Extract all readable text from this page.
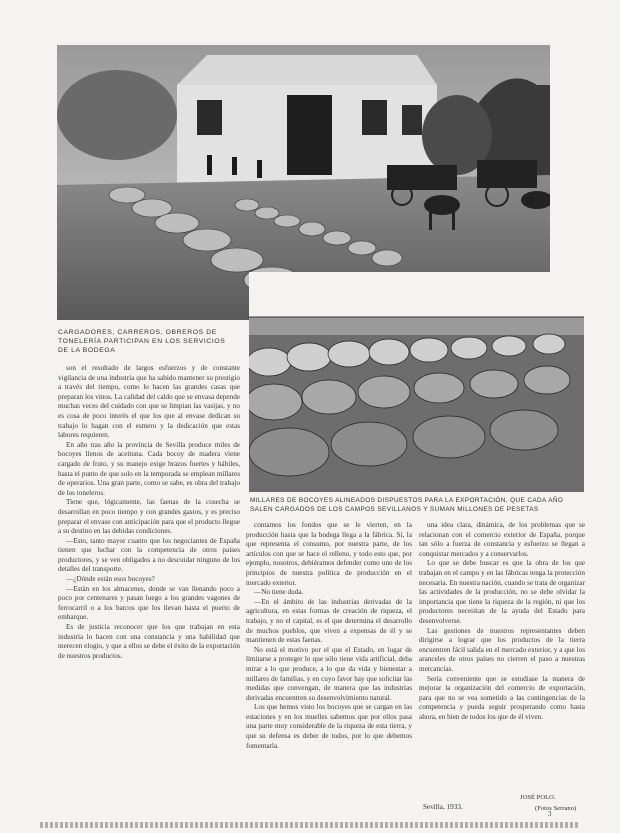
CARGADORES, CARREROS, OBREROS DE TONELERÍA PARTICIPAN EN LOS SERVICIOS DE LA BODEGA
MILLARES DE BOCOYES ALINEADOS DISPUESTOS PARA LA EXPORTACIÓN, QUE CADA AÑO SALEN CARGADOS DE LOS CAMPOS SEVILLANOS Y SUMAN MILLONES DE PESETAS

son el resultado de largos esfuerzos y de constante vigilancia de una industria que ha sabido mantener su prestigio a través del tiempo, como lo hacen las grandes casas que preparan los vinos. La calidad del caldo que se envasa depende muchas veces del cuidado con que se limpian las vasijas, y no es cosa de poco interés el que los que al envase dedican su trabajo lo hagan con el esmero y la dedicación que estas labores requieren.

En año tras año la provincia de Sevilla produce miles de bocoyes llenos de aceituna. Cada bocoy de madera viene cargado de fruto, y su manejo exige brazos fuertes y hábiles, hasta el punto de que solo en la temporada se emplean millares de operarios. Una gran parte, como se sabe, es obra del trabajo de los toneleros.

Tiene que, lógicamente, las faenas de la cosecha se desarrollan en poco tiempo y con grandes gastos, y es preciso preparar el envase con anticipación para que el producto llegue a su destino en las debidas condiciones.

—Esto, tanto mayor cuanto que los negociantes de España tienen que luchar con la competencia de otros países productores, y se ven obligados a no descuidar ninguno de los detalles del transporte.

—¿Dónde están esos bocoyes?

—Están en los almacenes, donde se van llenando poco a poco por centenares y pasan luego a los grandes vagones de ferrocarril o a los barcos que los llevan hasta el puerto de embarque.

Es de justicia reconocer que los que trabajan en esta industria lo hacen con una constancia y una habilidad que merecen elogio, y que a ellos se debe el éxito de la exportación de nuestros productos.

contamos los fondos que se le vierten, en la producción hasta que la bodega llega a la fábrica. Sí, la que representa el consumo, por nuestra parte, de los artículos con que se hace el relleno, y todo esto que, por ejemplo, nosotros, debiéramos defender como uno de los principios de nuestra política de producción en el mercado exterior.

—No tiene duda.

—En el ámbito de las industrias derivadas de la agricultura, en estas formas de creación de riqueza, el trabajo, y no el capital, es el que determina el desarrollo de muchos pueblos, que viven a expensas de él y se mantienen de estas faenas.

No está el motivo por el que el Estado, en lugar de limitarse a proteger lo que sólo tiene vida artificial, deba mirar a lo que produce, a lo que da vida y bienestar a millares de familias, y en cuyo favor hay que solicitar las medidas que convengan, de manera que las industrias derivadas encuentren su desenvolvimiento natural.

Los que hemos visto los bocoyes que se cargan en las estaciones y en los muelles sabemos que por ellos pasa una parte muy considerable de la riqueza de esta tierra, y que su defensa es deber de todos, por lo que debemos fomentarla.

una idea clara, dinámica, de los problemas que se relacionan con el comercio exterior de España, porque tan sólo a fuerza de constancia y esfuerzo se llegan a conquistar mercados y a conservarlos.

Lo que se debe buscar es que la obra de los que trabajan en el campo y en las fábricas tenga la protección necesaria. En nuestra nación, cuando se trata de organizar las actividades de la producción, no se debe olvidar la importancia que tiene la riqueza de la región, ni que los productores necesitan de la ayuda del Estado para desenvolverse.

Las gestiones de nuestros representantes deben dirigirse a lograr que los productos de la tierra encuentren fácil salida en el mercado exterior, y a que los aranceles de otros países no cierren el paso a nuestras mercancías.

Sería conveniente que se estudiase la manera de mejorar la organización del comercio de exportación, para que no se vea sometido a las contingencias de la competencia y pueda seguir prosperando como hasta ahora, en bien de todos los que de él viven.

Sevilla, 1933.
JOSÉ POLO.
(Fotos Serrano)
3
